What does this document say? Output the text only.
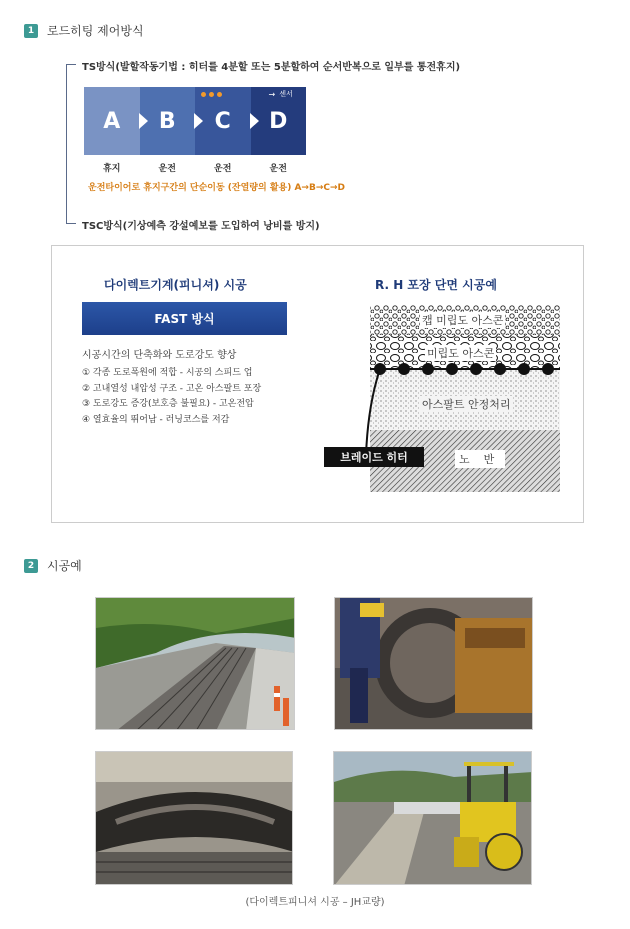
1	로드히팅 제어방식
TS방식(발할작동기법 : 히터를 4분할 또는 5분할하여 순서반복으로 일부를 통전휴지)
TSC방식(기상예측 강설예보를 도입하여 낭비를 방지)
A B C
→ 센서
D
휴지	운전	운전	운전
운전타이어로 휴지구간의 단순이동 (잔열량의 활용) A→B→C→D
다이렉트기계(피니셔) 시공
FAST 방식
시공시간의 단축화와 도로강도 향상
① 각종 도로폭원에 적합 - 시공의 스피드 업
② 고내열성 내압성 구조 - 고온 아스팔트 포장
③ 도로강도 증강(보호층 불필요) - 고온전압
④ 열효율의 뛰어남 - 러닝코스를 저감
R. H 포장 단면 시공예
캡 미립도 아스콘
미립도 아스콘
아스팔트 안정처리
노    반
브레이드 히터
2	시공예
(다이렉트피니셔 시공 – JH교량)
